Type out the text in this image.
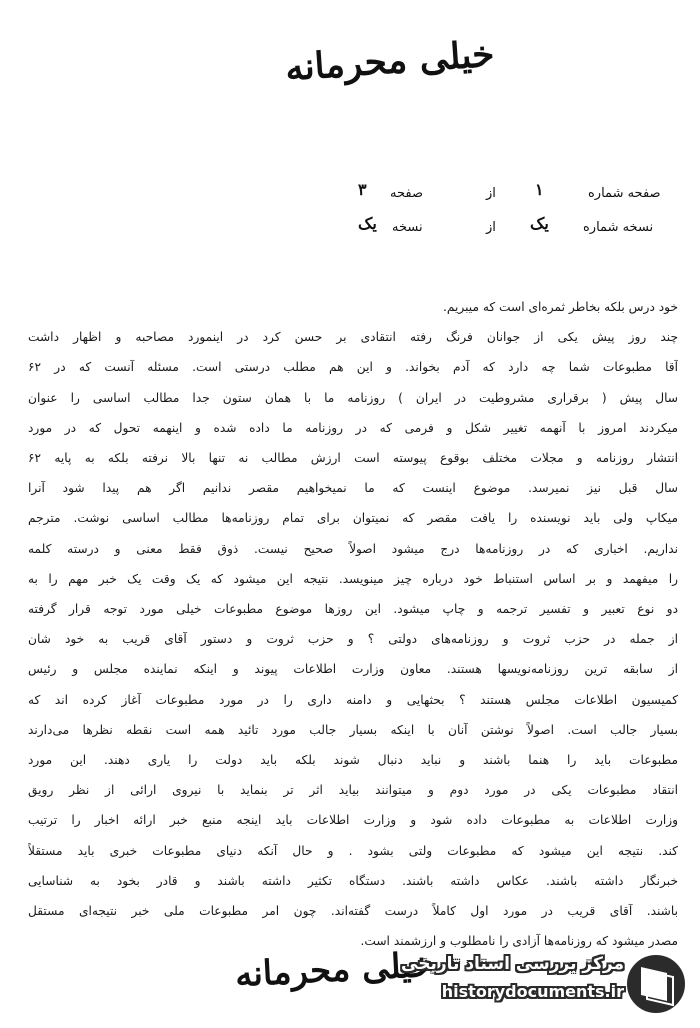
خیلی محرمانه
صفحه شماره
۱
از
صفحه
۳
نسخه شماره
یک
از
نسخه
یک
خود درس بلکه بخاطر ثمره‌ای است که میبریم.
چند روز پیش یکی از جوانان فرنگ رفته انتقادی بر حسن کرد در اینمورد مصاحبه و اظهار داشت
آقا مطبوعات شما چه دارد که آدم بخواند. و این هم مطلب درستی است. مسئله آنست که در ۶۲
سال پیش ( برقراری مشروطیت در ایران ) روزنامه ما با همان ستون جدا مطالب اساسی را عنوان
میکردند امروز با آنهمه تغییر شکل و فرمی که در روزنامه ما داده شده و اینهمه تحول که در مورد
انتشار روزنامه و مجلات مختلف بوقوع پیوسته است ارزش مطالب نه تنها بالا نرفته بلکه به پایه ۶۲
سال قبل نیز نمیرسد. موضوع اینست که ما نمیخواهیم مقصر ندانیم اگر هم پیدا شود آنرا
میکاپ ولی باید نویسنده را یافت مقصر که نمیتوان برای تمام روزنامه‌ها مطالب اساسی نوشت. مترجم
نداریم. اخباری که در روزنامه‌ها درج میشود اصولاً صحیح نیست. ذوق فقط معنی و درسته کلمه
را میفهمد و بر اساس استنباط خود درباره چیز مینویسد. نتیجه این میشود که یک وقت یک خبر مهم را به
دو نوع تعبیر و تفسیر ترجمه و چاپ میشود. این روزها موضوع مطبوعات خیلی مورد توجه قرار گرفته
از جمله در حزب ثروت و روزنامه‌های دولتی ؟ و حزب ثروت و دستور آقای قریب به خود شان
از سابقه ترین روزنامه‌نویسها هستند. معاون وزارت اطلاعات پیوند و اینکه نماینده مجلس و رئیس
کمیسیون اطلاعات مجلس هستند ؟ بحثهایی و دامنه داری را در مورد مطبوعات آغاز کرده اند که
بسیار جالب است. اصولاً نوشتن آنان با اینکه بسیار جالب مورد تائید همه است نقطه نظرها می‌دارند
مطبوعات باید را هنما باشند و نباید دنبال شوند بلکه باید دولت را یاری دهند. این مورد
انتقاد مطبوعات یکی در مورد دوم و میتوانند بیاید اثر تر بنماید با نیروی ارائی از نظر رویق
وزارت اطلاعات به مطبوعات داده شود و وزارت اطلاعات باید اینجه منبع خبر ارائه اخبار را ترتیب
کند. نتیجه این میشود که مطبوعات ولتی بشود . و حال آنکه دنیای مطبوعات خبری باید مستقلاً
خبرنگار داشته باشند. عکاس داشته باشند. دستگاه تکثیر داشته باشند و قادر بخود به شناسایی
باشند. آقای قریب در مورد اول کاملاً درست گفته‌اند. چون امر مطبوعات ملی خبر نتیجه‌ای مستقل
مصدر میشود که روزنامه‌ها آزادی را نامطلوب و ارزشمند است.
خیلی محرمانه
مرکز بررسی اسناد تاریخی
historydocuments.ir
